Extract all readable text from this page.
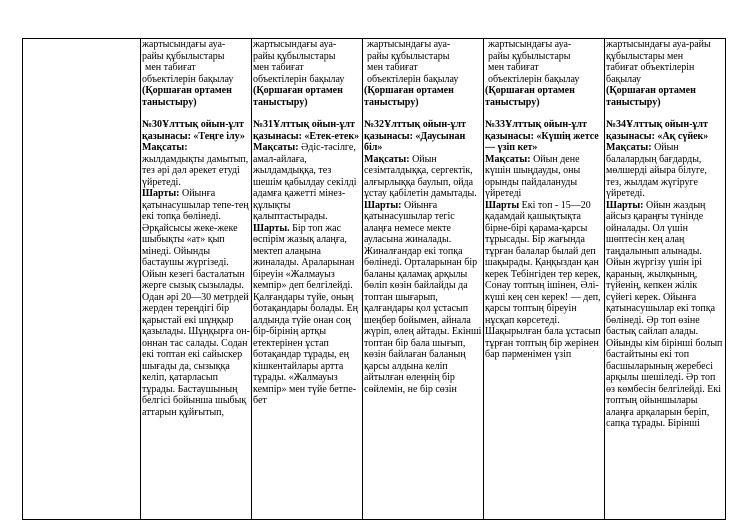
жартысындағы ауа-

райы құбылыстары

мен табиғат

объектілерін бақылау

(Қоршаған ортамен таныстыру)

№30Ұлттық ойын-ұлт қазынасы: «Теңге ілу»

Мақсаты:
жылдамдықты дамытып, тез әрі дәл әрекет етуді үйретеді.

Шарты: Ойынға қатынасушылар тепе-тең екі топқа бөлінеді. Әрқайсысы жеке-жеке шыбықты «ат» қып мінеді. Ойынды бастаушы жүргізеді. Ойын кезегі басталатын жерге сызық сызылады. Одан әрі 20—30 метрдей жерден тереңдігі бір қарыстай екі шұңқыр қазылады. Шұңқырға он-оннан тас салады. Содан екі топтан екі сайыскер шығады да, сызыққа келіп, қатарласып тұрады. Бастаушының белгісі бойынша шыбық аттарын құйғытып,

жартысындағы ауа-

райы құбылыстары

мен табиғат

объектілерін бақылау

(Қоршаған ортамен таныстыру)

№31Ұлттық ойын-ұлт қазынасы: «Етек-етек»

Мақсаты: Әдіс-тәсілге, амал-айлаға, жылдамдыққа, тез шешім қабылдау секілді адамға қажетті мінез-құлықты қалыптастырады.

Шарты. Бір топ жас өспірім жазық алаңға, мектеп алаңына жиналады. Араларынан біреуін «Жалмауыз кемпір» деп белгілейді. Қалғандары түйе, оның ботақандары болады. Ең алдында түйе онан соң бір-бірінің артқы етектерінен ұстап ботақандар тұрады, ең кішкентайлары артта тұрады. «Жалмауыз кемпір» мен түйе бетпе-бет

жартысындағы ауа-

райы құбылыстары

мен табиғат

объектілерін бақылау

(Қоршаған ортамен таныстыру)

№32Ұлттық ойын-ұлт қазынасы: «Даусынан біл»

Мақсаты: Ойын сезімталдыққа, сергектік, алғырлыққа баулып, ойда ұстау қабілетін дамытады.

Шарты: Ойынға қатынасушылар тегіс алаңға немесе мекте ауласына жиналады. Жиналғандар екі топқа бөлінеді. Орталарынан бір баланы қаламақ арқылы бөліп көзін байлайды да топтан шығарып, қалғандары қол ұстасып шеңбер бойымен, айнала жүріп, өлең айтады. Екінші топтан бір бала шығып, көзін байлаған баланың қарсы алдына келіп айтылған өлеңнің бір сөйлемін, не бір сөзін

жартысындағы ауа-

райы құбылыстары

мен табиғат

объектілерін бақылау

(Қоршаған ортамен таныстыру)

№33Ұлттық ойын-ұлт қазынасы: «Күшің жетсе — үзіп кет»

Мақсаты: Ойын дене күшін шыңдауды, оны орынды пайдалануды үйретеді

Шарты Екі топ - 15—20 қадамдай қашықтықта бірне-бірі қарама-қарсы тұрысады. Бір жағында тұрған балалар былай деп шақырады. Қаңқыздан қан керек Тебінгіден тер керек, Сонау топтың ішінен, Әлі-күші кең сен керек! — деп, қарсы топтың біреуін нұсқап көрсетеді. Шақырылған бала ұстасып тұрған топтың бір жерінен бар пәрменімен үзіп

жартысындағы ауа-райы

құбылыстары мен

табиғат объектілерін

бақылау

(Қоршаған ортамен таныстыру)

№34Ұлттық ойын-ұлт қазынасы: «Ақ сүйек»

Мақсаты: Ойын балалардың бағдарды, мөлшерді айыра білуге, тез, жылдам жүгіруге үйретеді.

Шарты: Ойын жаздың айсыз қараңғы түнінде ойналады. Ол үшін шөптесін кең алаң таңдалынып алынады. Ойын жүргізу үшін ірі қараның, жылқының, түйенің, кепкен жілік сүйегі керек. Ойынға қатынасушылар екі топқа бөлінеді. Әр топ өзіне бастық сайлап алады. Ойынды кім бірінші болып бастайтыны екі топ басшыларының жеребесі арқылы шешіледі. Әр топ өз көмбесін белгілейді. Екі топтың ойыншылары алаңға арқаларын беріп, сапқа тұрады. Біріншi
